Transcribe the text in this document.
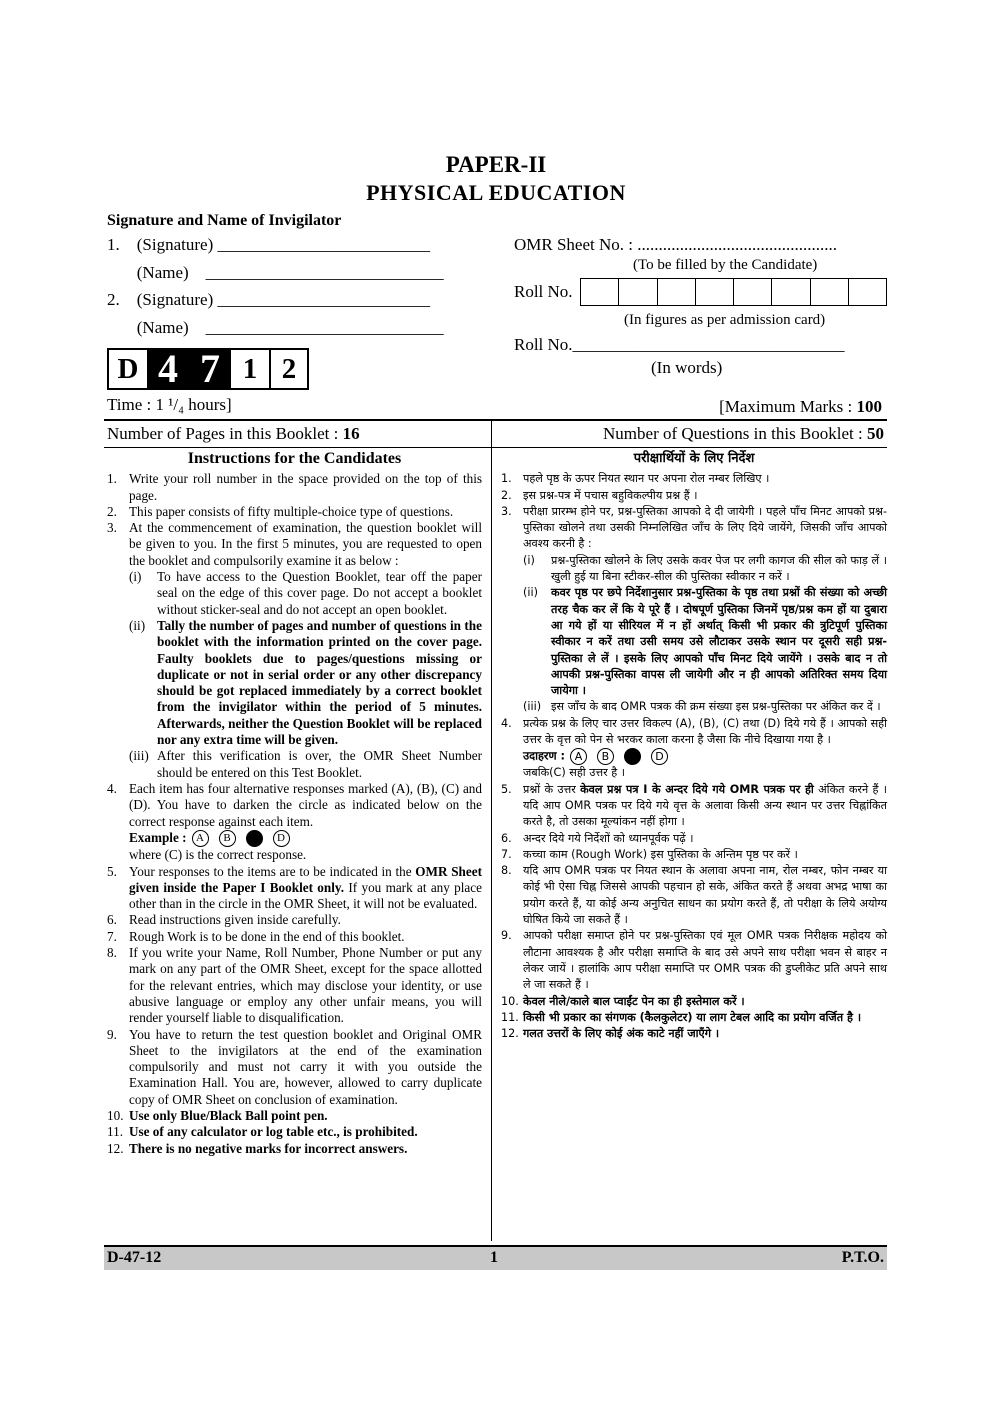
PAPER-II
PHYSICAL EDUCATION
Signature and Name of Invigilator
1. (Signature) _________________________
   (Name) ____________________________
2. (Signature) _________________________
   (Name) ____________________________
OMR Sheet No. : ...............................................
(To be filled by the Candidate)
Roll No.
(In figures as per admission card)
Roll No.________________________________
(In words)
D 4 7 1 2
Time : 1 ¹/₄ hours]	[Maximum Marks : 100
Number of Pages in this Booklet : 16	Number of Questions in this Booklet : 50
Instructions for the Candidates
1. Write your roll number in the space provided on the top of this page.
2. This paper consists of fifty multiple-choice type of questions.
3. At the commencement of examination, the question booklet will be given to you. In the first 5 minutes, you are requested to open the booklet and compulsorily examine it as below :
(i)	To have access to the Question Booklet, tear off the paper seal on the edge of this cover page. Do not accept a booklet without sticker-seal and do not accept an open booklet.
(ii) Tally the number of pages and number of questions in the booklet with the information printed on the cover page. Faulty booklets due to pages/questions missing or duplicate or not in serial order or any other discrepancy should be got replaced immediately by a correct booklet from the invigilator within the period of 5 minutes. Afterwards, neither the Question Booklet will be replaced nor any extra time will be given.
(iii) After this verification is over, the OMR Sheet Number should be entered on this Test Booklet.
4. Each item has four alternative responses marked (A), (B), (C) and (D). You have to darken the circle as indicated below on the correct response against each item.
Example : A B	D
where (C) is the correct response.
5. Your responses to the items are to be indicated in the OMR Sheet given inside the Paper I Booklet only. If you mark at any place other than in the circle in the OMR Sheet, it will not be evaluated.
6. Read instructions given inside carefully.
7. Rough Work is to be done in the end of this booklet.
8. If you write your Name, Roll Number, Phone Number or put any mark on any part of the OMR Sheet, except for the space allotted for the relevant entries, which may disclose your identity, or use abusive language or employ any other unfair means, you will render yourself liable to disqualification.
9. You have to return the test question booklet and Original OMR Sheet to the invigilators at the end of the examination compulsorily and must not carry it with you outside the Examination Hall. You are, however, allowed to carry duplicate copy of OMR Sheet on conclusion of examination.
10. Use only Blue/Black Ball point pen.
11. Use of any calculator or log table etc., is prohibited.
12. There is no negative marks for incorrect answers.
परीक्षार्थियों के लिए निर्देश
1.	पहले पृष्ठ के ऊपर नियत स्थान पर अपना रोल नम्बर लिखिए ।
2.	इस प्रश्न-पत्र में पचास बहुविकल्पीय प्रश्न हैं ।
3.	परीक्षा प्रारम्भ होने पर, प्रश्न-पुस्तिका आपको दे दी जायेगी । पहले पाँच मिनट आपको प्रश्न-पुस्तिका खोलने तथा उसकी निम्नलिखित जाँच के लिए दिये जायेंगे, जिसकी जाँच आपको अवश्य करनी है :
(i)	प्रश्न-पुस्तिका खोलने के लिए उसके कवर पेज पर लगी कागज की सील को फाड़ लें । खुली हुई या बिना स्टीकर-सील की पुस्तिका स्वीकार न करें ।
(ii)	कवर पृष्ठ पर छपे निर्देशानुसार प्रश्न-पुस्तिका के पृष्ठ तथा प्रश्नों की संख्या को अच्छी तरह चैक कर लें कि ये पूरे हैं । दोषपूर्ण पुस्तिका जिनमें पृष्ठ/प्रश्न कम हों या दुबारा आ गये हों या सीरियल में न हों अर्थात् किसी भी प्रकार की त्रुटिपूर्ण पुस्तिका स्वीकार न करें तथा उसी समय उसे लौटाकर उसके स्थान पर दूसरी सही प्रश्न-पुस्तिका ले लें । इसके लिए आपको पाँच मिनट दिये जायेंगे । उसके बाद न तो आपकी प्रश्न-पुस्तिका वापस ली जायेगी और न ही आपको अतिरिक्त समय दिया जायेगा ।
(iii) इस जाँच के बाद OMR पत्रक की क्रम संख्या इस प्रश्न-पुस्तिका पर अंकित कर दें ।
4.	प्रत्येक प्रश्न के लिए चार उत्तर विकल्प (A), (B), (C) तथा (D) दिये गये हैं । आपको सही उत्तर के वृत्त को पेन से भरकर काला करना है जैसा कि नीचे दिखाया गया है ।
उदाहरण : A B	D
जबकि(C) सही उत्तर है ।
5.	प्रश्नों के उत्तर केवल प्रश्न पत्र I के अन्दर दिये गये OMR पत्रक पर ही अंकित करने हैं । यदि आप OMR पत्रक पर दिये गये वृत्त के अलावा किसी अन्य स्थान पर उत्तर चिह्नांकित करते है, तो उसका मूल्यांकन नहीं होगा ।
6.	अन्दर दिये गये निर्देशों को ध्यानपूर्वक पढ़ें ।
7.	कच्चा काम (Rough Work) इस पुस्तिका के अन्तिम पृष्ठ पर करें ।
8.	यदि आप OMR पत्रक पर नियत स्थान के अलावा अपना नाम, रोल नम्बर, फोन नम्बर या कोई भी ऐसा चिह्न जिससे आपकी पहचान हो सके, अंकित करते हैं अथवा अभद्र भाषा का प्रयोग करते हैं, या कोई अन्य अनुचित साधन का प्रयोग करते हैं, तो परीक्षा के लिये अयोग्य घोषित किये जा सकते हैं ।
9.	आपको परीक्षा समाप्त होने पर प्रश्न-पुस्तिका एवं मूल OMR पत्रक निरीक्षक महोदय को लौटाना आवश्यक है और परीक्षा समाप्ति के बाद उसे अपने साथ परीक्षा भवन से बाहर न लेकर जायें । हालांकि आप परीक्षा समाप्ति पर OMR पत्रक की डुप्लीकेट प्रति अपने साथ ले जा सकते हैं ।
10. केवल नीले/काले बाल प्वाईंट पेन का ही इस्तेमाल करें ।
11. किसी भी प्रकार का संगणक (कैलकुलेटर) या लाग टेबल आदि का प्रयोग वर्जित है ।
12. गलत उत्तरों के लिए कोई अंक काटे नहीं जाएँगे ।
D-47-12	1	P.T.O.
